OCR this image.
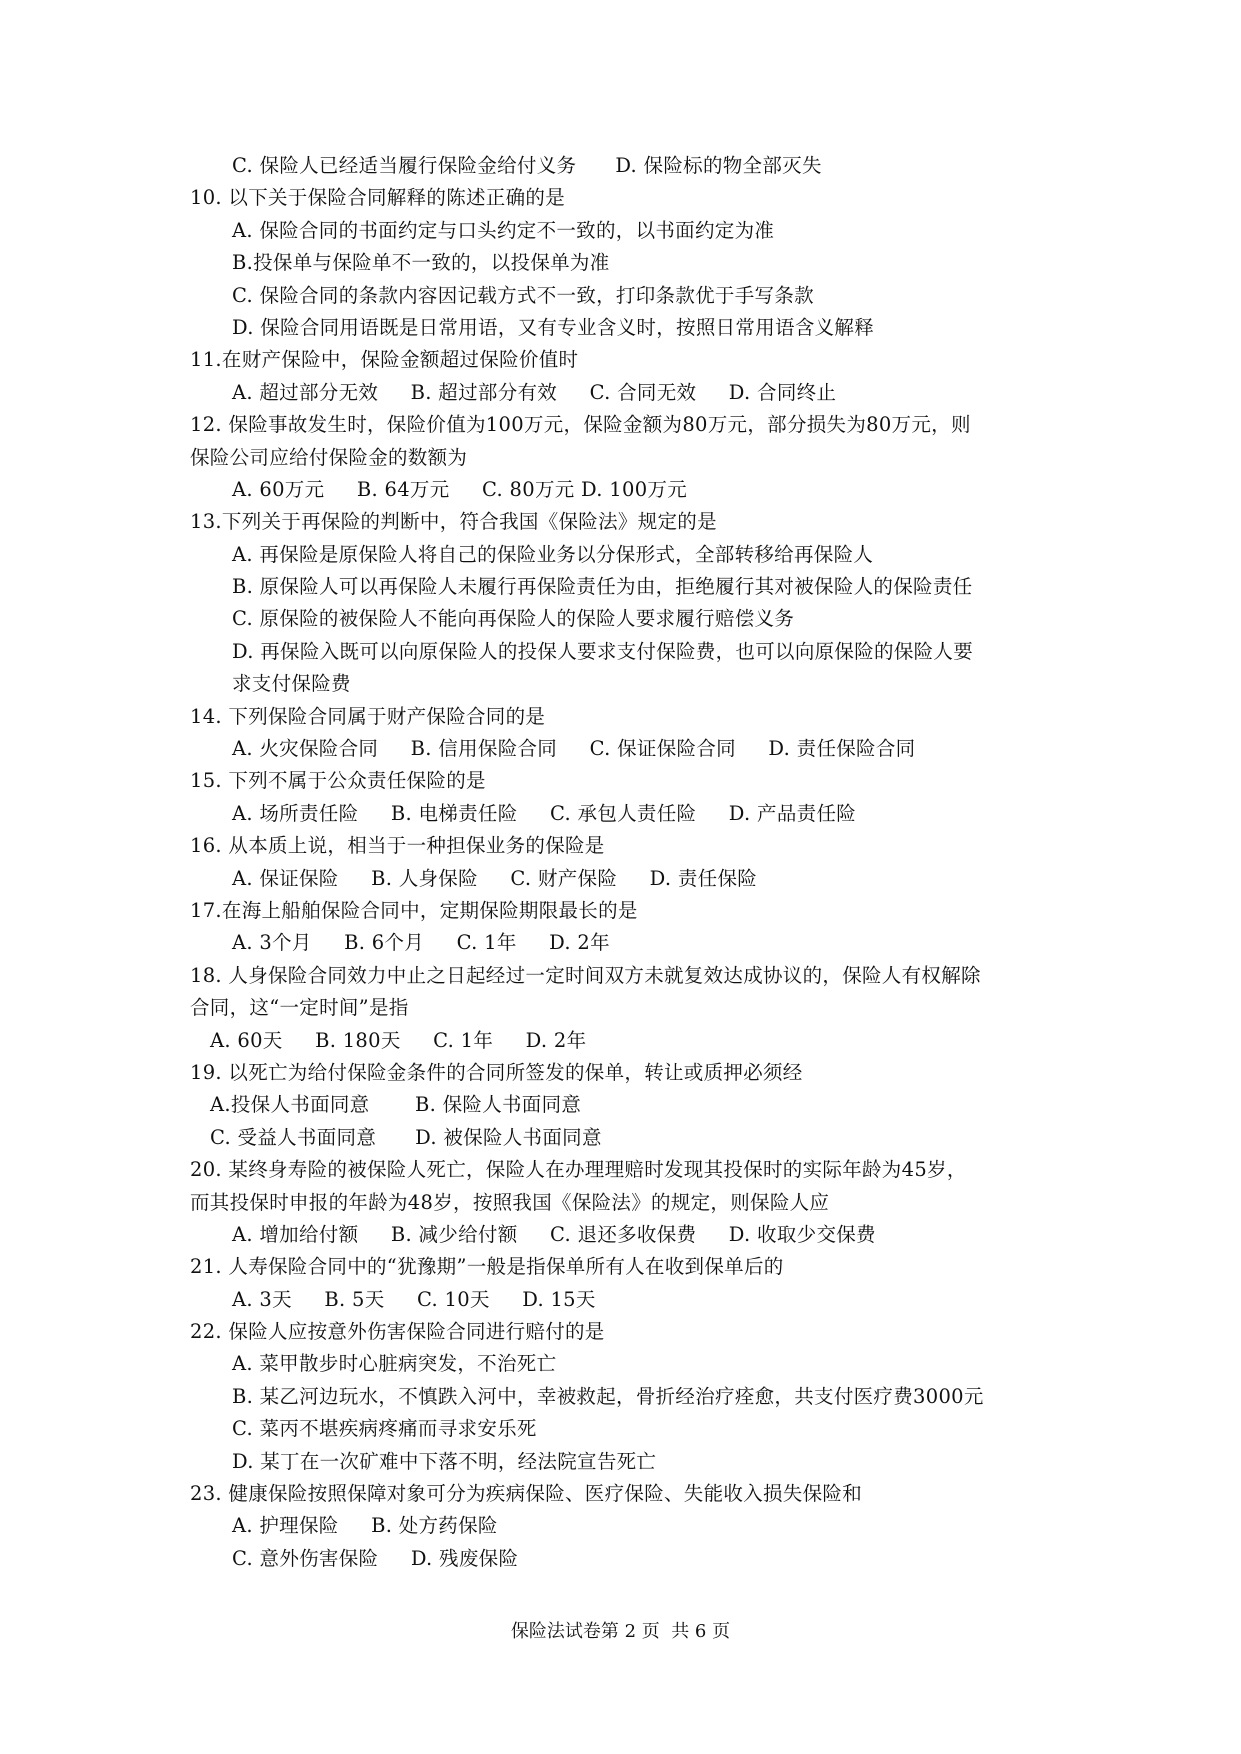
C. 保险人已经适当履行保险金给付义务      D. 保险标的物全部灭失
10. 以下关于保险合同解释的陈述正确的是
A. 保险合同的书面约定与口头约定不一致的，以书面约定为准
B.投保单与保险单不一致的，以投保单为准
C. 保险合同的条款内容因记载方式不一致，打印条款优于手写条款
D. 保险合同用语既是日常用语，又有专业含义时，按照日常用语含义解释
11.在财产保险中，保险金额超过保险价值时
A. 超过部分无效     B. 超过部分有效     C. 合同无效     D. 合同终止
12. 保险事故发生时，保险价值为100万元，保险金额为80万元，部分损失为80万元，则
保险公司应给付保险金的数额为
A. 60万元     B. 64万元     C. 80万元 D. 100万元
13.下列关于再保险的判断中，符合我国《保险法》规定的是
A. 再保险是原保险人将自己的保险业务以分保形式，全部转移给再保险人
B. 原保险人可以再保险人未履行再保险责任为由，拒绝履行其对被保险人的保险责任
C. 原保险的被保险人不能向再保险人的保险人要求履行赔偿义务
D. 再保险入既可以向原保险人的投保人要求支付保险费，也可以向原保险的保险人要
求支付保险费
14. 下列保险合同属于财产保险合同的是
A. 火灾保险合同     B. 信用保险合同     C. 保证保险合同     D. 责任保险合同
15. 下列不属于公众责任保险的是
A. 场所责任险     B. 电梯责任险     C. 承包人责任险     D. 产品责任险
16. 从本质上说，相当于一种担保业务的保险是
A. 保证保险     B. 人身保险     C. 财产保险     D. 责任保险
17.在海上船舶保险合同中，定期保险期限最长的是
A. 3个月     B. 6个月     C. 1年     D. 2年
18. 人身保险合同效力中止之日起经过一定时间双方未就复效达成协议的，保险人有权解除
合同，这“一定时间”是指
A. 60天     B. 180天     C. 1年     D. 2年
19. 以死亡为给付保险金条件的合同所签发的保单，转让或质押必须经
A.投保人书面同意       B. 保险人书面同意
C. 受益人书面同意      D. 被保险人书面同意
20. 某终身寿险的被保险人死亡，保险人在办理理赔时发现其投保时的实际年龄为45岁，
而其投保时申报的年龄为48岁，按照我国《保险法》的规定，则保险人应
A. 增加给付额     B. 减少给付额     C. 退还多收保费     D. 收取少交保费
21. 人寿保险合同中的“犹豫期”一般是指保单所有人在收到保单后的
A. 3天     B. 5天     C. 10天     D. 15天
22. 保险人应按意外伤害保险合同进行赔付的是
A. 菜甲散步时心脏病突发，不治死亡
B. 某乙河边玩水，不慎跌入河中，幸被救起，骨折经治疗痊愈，共支付医疗费3000元
C. 菜丙不堪疾病疼痛而寻求安乐死
D. 某丁在一次矿难中下落不明，经法院宣告死亡
23. 健康保险按照保障对象可分为疾病保险、医疗保险、失能收入损失保险和
A. 护理保险     B. 处方药保险
C. 意外伤害保险     D. 残废保险
保险法试卷第 2 页  共 6 页
